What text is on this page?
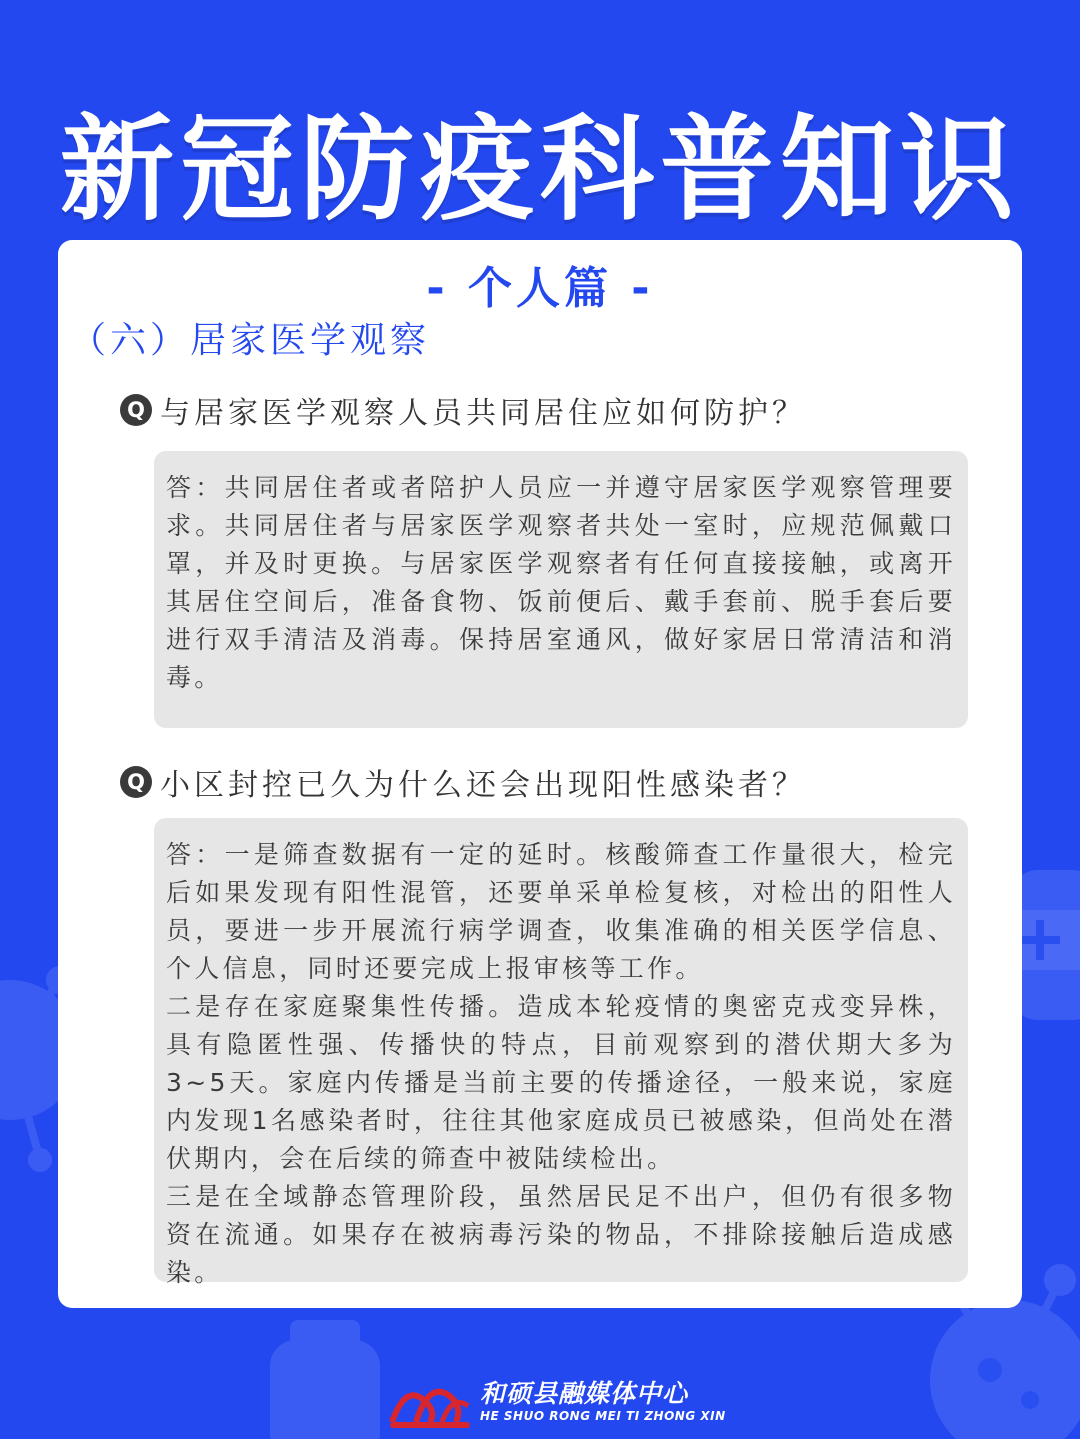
新冠防疫科普知识
- 个人篇 -
（六）居家医学观察
Q 与居家医学观察人员共同居住应如何防护？

答：共同居住者或者陪护人员应一并遵守居家医学观察管理要求。共同居住者与居家医学观察者共处一室时，应规范佩戴口罩，并及时更换。与居家医学观察者有任何直接接触，或离开其居住空间后，准备食物、饭前便后、戴手套前、脱手套后要进行双手清洁及消毒。保持居室通风，做好家居日常清洁和消毒。

Q 小区封控已久为什么还会出现阳性感染者？

答：一是筛查数据有一定的延时。核酸筛查工作量很大，检完后如果发现有阳性混管，还要单采单检复核，对检出的阳性人员，要进一步开展流行病学调查，收集准确的相关医学信息、个人信息，同时还要完成上报审核等工作。

二是存在家庭聚集性传播。造成本轮疫情的奥密克戎变异株，具有隐匿性强、传播快的特点，目前观察到的潜伏期大多为3~5天。家庭内传播是当前主要的传播途径，一般来说，家庭内发现1名感染者时，往往其他家庭成员已被感染，但尚处在潜伏期内，会在后续的筛查中被陆续检出。

三是在全域静态管理阶段，虽然居民足不出户，但仍有很多物资在流通。如果存在被病毒污染的物品，不排除接触后造成感染。

和硕县融媒体中心
HE SHUO RONG MEI TI ZHONG XIN
